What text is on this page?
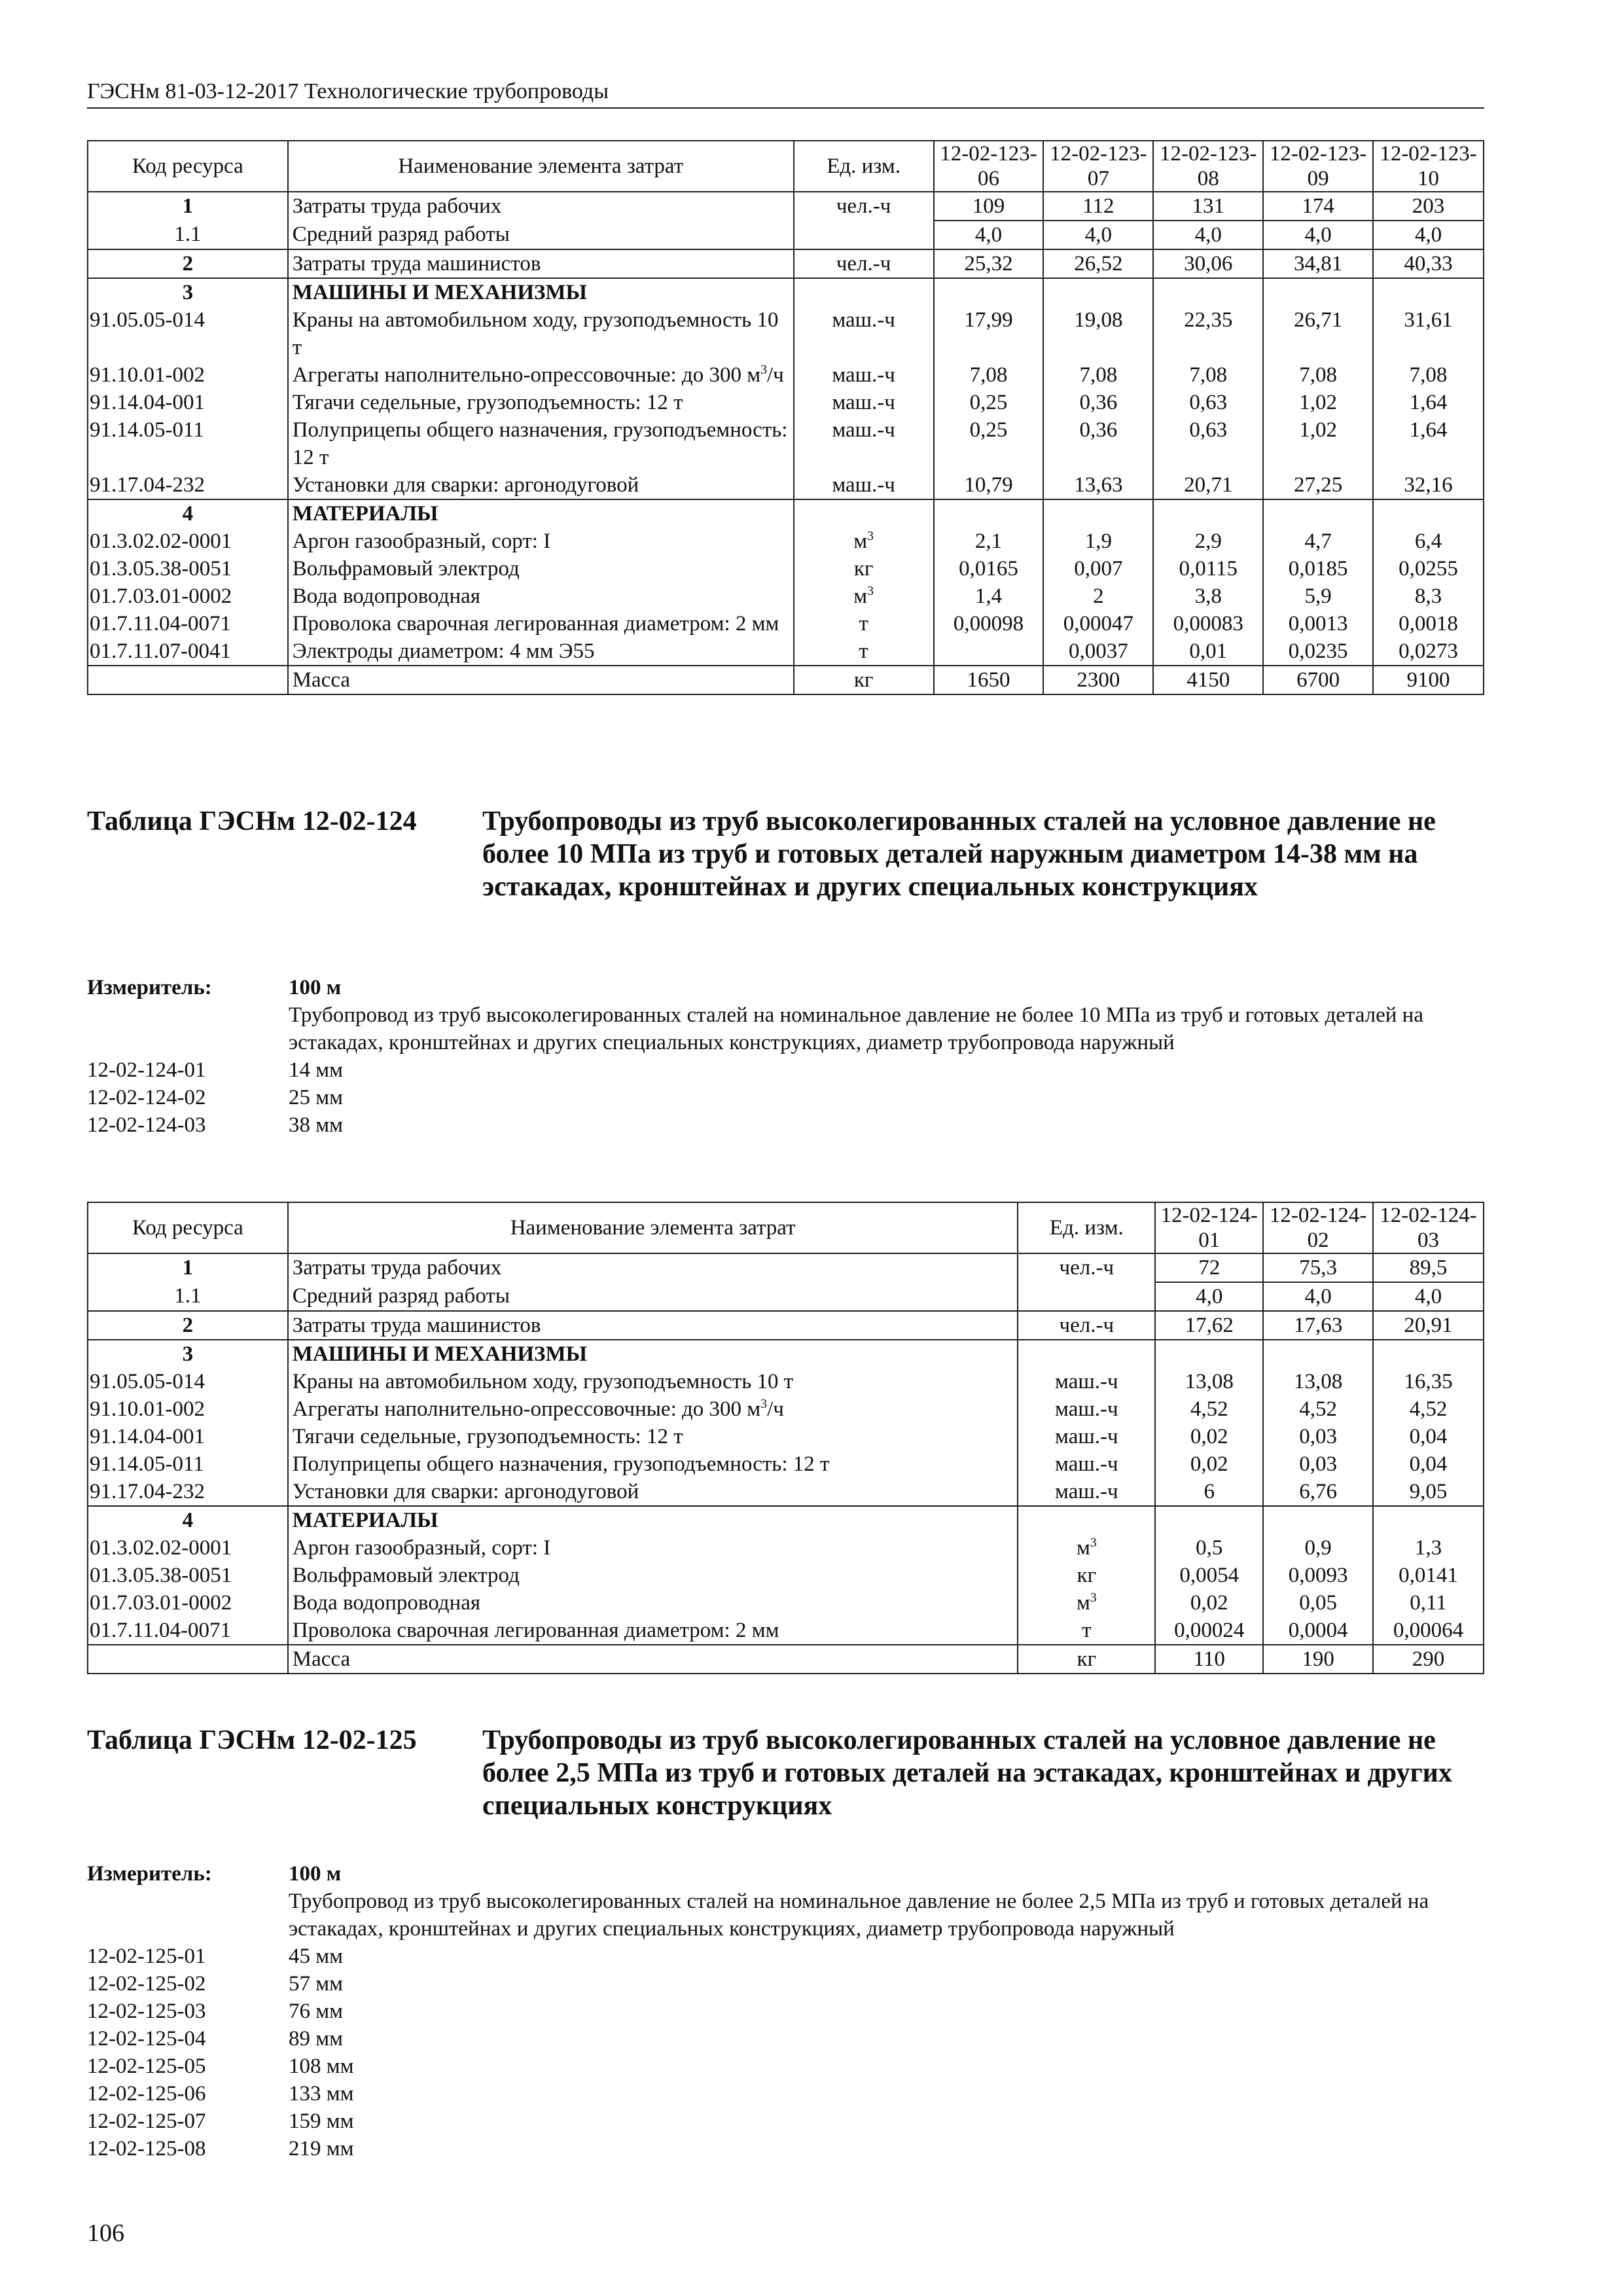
ГЭСНм 81-03-12-2017 Технологические трубопроводы
Код ресурса	Наименование элемента затрат	Ед. изм.	12-02-123-06	12-02-123-07	12-02-123-08	12-02-123-09	12-02-123-10
1	Затраты труда рабочих	чел.-ч	109	112	131	174	203
1.1	Средний разряд работы		4,0	4,0	4,0	4,0	4,0
2	Затраты труда машинистов	чел.-ч	25,32	26,52	30,06	34,81	40,33
3	МАШИНЫ И МЕХАНИЗМЫ						
91.05.05-014	Краны на автомобильном ходу, грузоподъемность 10 т	маш.-ч	17,99	19,08	22,35	26,71	31,61
91.10.01-002	Агрегаты наполнительно-опрессовочные: до 300 $м^3/ч$	маш.-ч	7,08	7,08	7,08	7,08	7,08
91.14.04-001	Тягачи седельные, грузоподъемность: 12 т	маш.-ч	0,25	0,36	0,63	1,02	1,64
91.14.05-011	Полуприцепы общего назначения, грузоподъемность: 12 т	маш.-ч	0,25	0,36	0,63	1,02	1,64
91.17.04-232	Установки для сварки: аргонодуговой	маш.-ч	10,79	13,63	20,71	27,25	32,16
4	МАТЕРИАЛЫ						
01.3.02.02-0001	Аргон газообразный, сорт: I	$м^3$	2,1	1,9	2,9	4,7	6,4
01.3.05.38-0051	Вольфрамовый электрод	кг	0,0165	0,007	0,0115	0,0185	0,0255
01.7.03.01-0002	Вода водопроводная	$м^3$	1,4	2	3,8	5,9	8,3
01.7.11.04-0071	Проволока сварочная легированная диаметром: 2 мм	т	0,00098	0,00047	0,00083	0,0013	0,0018
01.7.11.07-0041	Электроды диаметром: 4 мм Э55	т		0,0037	0,01	0,0235	0,0273
	Масса	кг	1650	2300	4150	6700	9100
Таблица ГЭСНм 12-02-124 Трубопроводы из труб высоколегированных сталей на условное давление не более 10 МПа из труб и готовых деталей наружным диаметром 14-38 мм на эстакадах, кронштейнах и других специальных конструкциях
Измеритель:	100 м
Трубопровод из труб высоколегированных сталей на номинальное давление не более 10 МПа из труб и готовых деталей на эстакадах, кронштейнах и других специальных конструкциях, диаметр трубопровода наружный
12-02-124-01	14 мм
12-02-124-02	25 мм
12-02-124-03	38 мм
Код ресурса	Наименование элемента затрат	Ед. изм.	12-02-124-01	12-02-124-02	12-02-124-03
1	Затраты труда рабочих	чел.-ч	72	75,3	89,5
1.1	Средний разряд работы		4,0	4,0	4,0
2	Затраты труда машинистов	чел.-ч	17,62	17,63	20,91
3	МАШИНЫ И МЕХАНИЗМЫ				
91.05.05-014	Краны на автомобильном ходу, грузоподъемность 10 т	маш.-ч	13,08	13,08	16,35
91.10.01-002	Агрегаты наполнительно-опрессовочные: до 300 $м^3/ч$	маш.-ч	4,52	4,52	4,52
91.14.04-001	Тягачи седельные, грузоподъемность: 12 т	маш.-ч	0,02	0,03	0,04
91.14.05-011	Полуприцепы общего назначения, грузоподъемность: 12 т	маш.-ч	0,02	0,03	0,04
91.17.04-232	Установки для сварки: аргонодуговой	маш.-ч	6	6,76	9,05
4	МАТЕРИАЛЫ				
01.3.02.02-0001	Аргон газообразный, сорт: I	$м^3$	0,5	0,9	1,3
01.3.05.38-0051	Вольфрамовый электрод	кг	0,0054	0,0093	0,0141
01.7.03.01-0002	Вода водопроводная	$м^3$	0,02	0,05	0,11
01.7.11.04-0071	Проволока сварочная легированная диаметром: 2 мм	т	0,00024	0,0004	0,00064
	Масса	кг	110	190	290
Таблица ГЭСНм 12-02-125 Трубопроводы из труб высоколегированных сталей на условное давление не более 2,5 МПа из труб и готовых деталей на эстакадах, кронштейнах и других специальных конструкциях
Измеритель:	100 м
Трубопровод из труб высоколегированных сталей на номинальное давление не более 2,5 МПа из труб и готовых деталей на эстакадах, кронштейнах и других специальных конструкциях, диаметр трубопровода наружный
12-02-125-01	45 мм
12-02-125-02	57 мм
12-02-125-03	76 мм
12-02-125-04	89 мм
12-02-125-05	108 мм
12-02-125-06	133 мм
12-02-125-07	159 мм
12-02-125-08	219 мм
106
